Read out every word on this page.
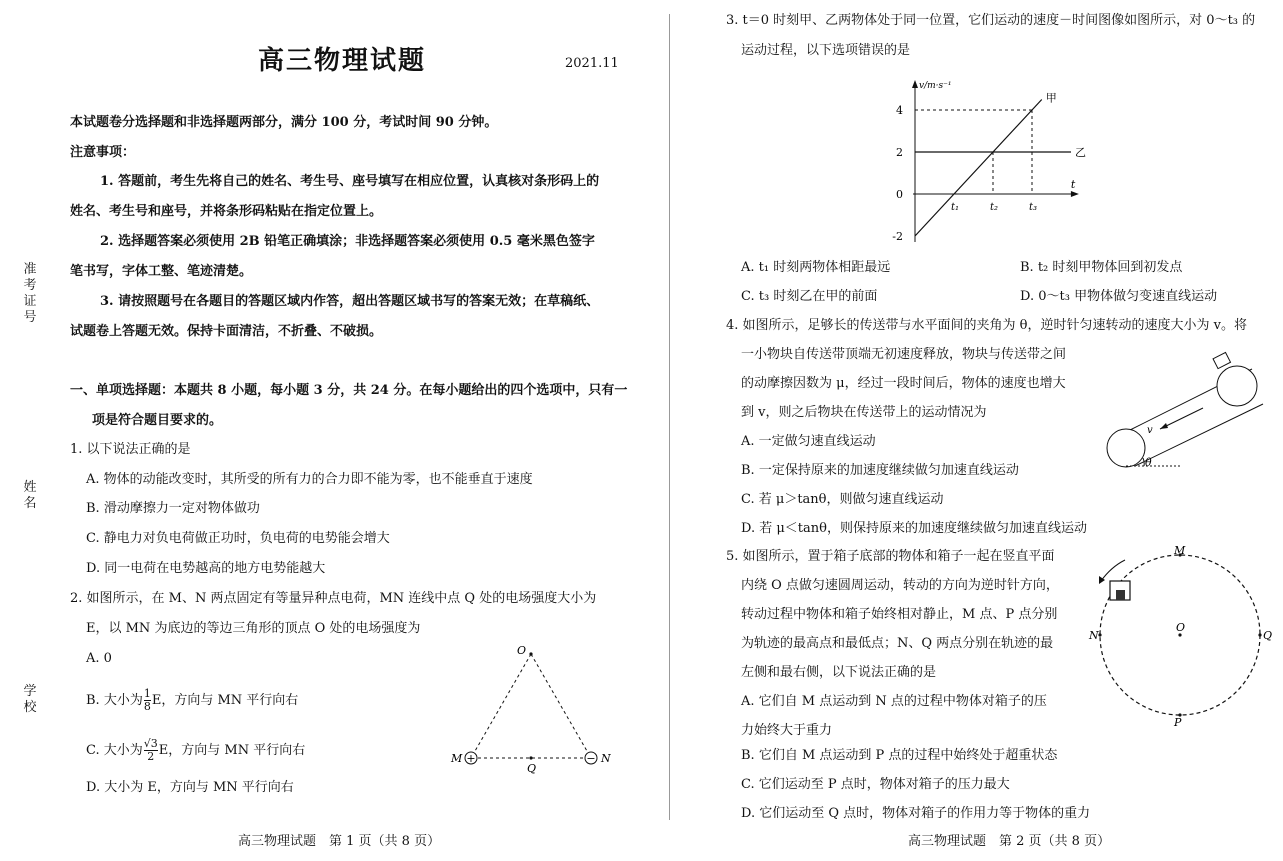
准考证号
姓名
学校
高三物理试题	2021.11
本试题卷分选择题和非选择题两部分，满分 100 分，考试时间 90 分钟。
注意事项：
1. 答题前，考生先将自己的姓名、考生号、座号填写在相应位置，认真核对条形码上的
姓名、考生号和座号，并将条形码粘贴在指定位置上。
2. 选择题答案必须使用 2B 铅笔正确填涂；非选择题答案必须使用 0.5 毫米黑色签字
笔书写，字体工整、笔迹清楚。
3. 请按照题号在各题目的答题区域内作答，超出答题区域书写的答案无效；在草稿纸、
试题卷上答题无效。保持卡面清洁，不折叠、不破损。
一、单项选择题：本题共 8 小题，每小题 3 分，共 24 分。在每小题给出的四个选项中，只有一
项是符合题目要求的。
1. 以下说法正确的是
A. 物体的动能改变时，其所受的所有力的合力即不能为零，也不能垂直于速度
B. 滑动摩擦力一定对物体做功
C. 静电力对负电荷做正功时，负电荷的电势能会增大
D. 同一电荷在电势越高的地方电势能越大
2. 如图所示，在 M、N 两点固定有等量异种点电荷，MN 连线中点 Q 处的电场强度大小为
E，以 MN 为底边的等边三角形的顶点 O 处的电场强度为
A. 0
B. 大小为 $\frac{1}{8}$ E，方向与 MN 平行向右
C. 大小为 $\frac{√3}{2}$ E，方向与 MN 平行向右
D. 大小为 E，方向与 MN 平行向右
+	−
O
M	N
Q
高三物理试题　第 1 页（共 8 页）
3. t＝0 时刻甲、乙两物体处于同一位置，它们运动的速度－时间图像如图所示，对 0～t₃ 的
运动过程，以下选项错误的是
v/m·s⁻¹
t
-2
0
2
4
t₁	t₂	t₃
甲
乙
A. t₁ 时刻两物体相距最远	B. t₂ 时刻甲物体回到初发点
C. t₃ 时刻乙在甲的前面	D. 0～t₃ 甲物体做匀变速直线运动
4. 如图所示，足够长的传送带与水平面间的夹角为 θ，逆时针匀速转动的速度大小为 v。将
一小物块自传送带顶端无初速度释放，物块与传送带之间
的动摩擦因数为 μ，经过一段时间后，物体的速度也增大
到 v，则之后物块在传送带上的运动情况为
A. 一定做匀速直线运动
B. 一定保持原来的加速度继续做匀加速直线运动
C. 若 μ＞tanθ，则做匀速直线运动
D. 若 μ＜tanθ，则保持原来的加速度继续做匀加速直线运动
v
θ
5. 如图所示，置于箱子底部的物体和箱子一起在竖直平面
内绕 O 点做匀速圆周运动，转动的方向为逆时针方向，
转动过程中物体和箱子始终相对静止，M 点、P 点分别
为轨迹的最高点和最低点；N、Q 两点分别在轨迹的最
左侧和最右侧，以下说法正确的是
A. 它们自 M 点运动到 N 点的过程中物体对箱子的压
力始终大于重力
B. 它们自 M 点运动到 P 点的过程中始终处于超重状态
C. 它们运动至 P 点时，物体对箱子的压力最大
D. 它们运动至 Q 点时，物体对箱子的作用力等于物体的重力
M
P
N	Q
O
高三物理试题　第 2 页（共 8 页）
